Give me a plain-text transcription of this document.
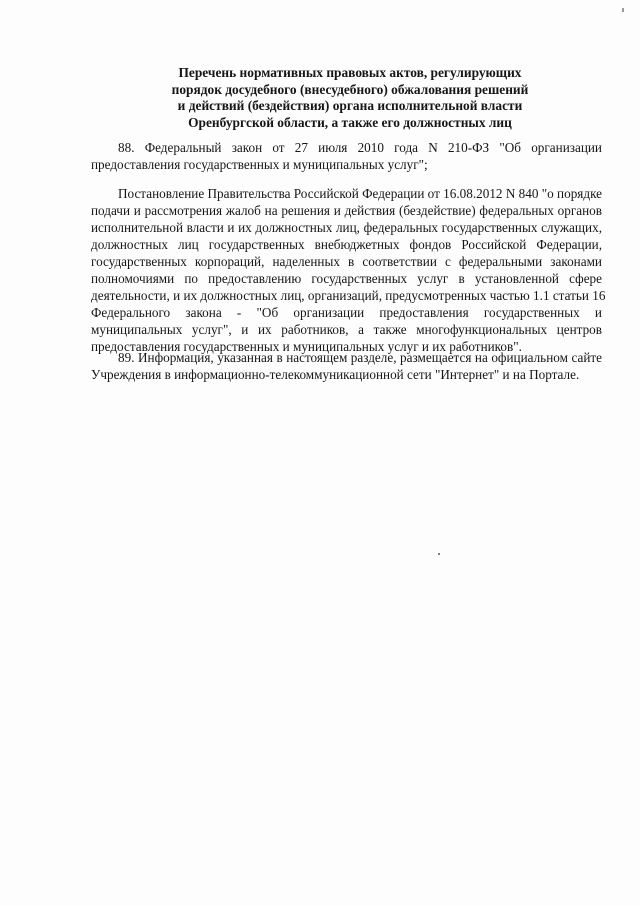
Перечень нормативных правовых актов, регулирующих
порядок досудебного (внесудебного) обжалования решений
и действий (бездействия) органа исполнительной власти
Оренбургской области, а также его должностных лиц
88. Федеральный закон от 27 июля 2010 года N 210-ФЗ "Об организации
предоставления государственных и муниципальных услуг";
Постановление Правительства Российской Федерации от 16.08.2012 N 840 "о порядке
подачи и рассмотрения жалоб на решения и действия (бездействие) федеральных органов
исполнительной власти и их должностных лиц, федеральных государственных служащих,
должностных лиц государственных внебюджетных фондов Российской Федерации,
государственных корпораций, наделенных в соответствии с федеральными законами
полномочиями по предоставлению государственных услуг в установленной сфере
деятельности, и их должностных лиц, организаций, предусмотренных частью 1.1 статьи 16
Федерального закона - "Об организации предоставления государственных и
муниципальных услуг", и их работников, а также многофункциональных центров
предоставления государственных и муниципальных услуг и их работников".
89. Информация, указанная в настоящем разделе, размещается на официальном сайте
Учреждения в информационно-телекоммуникационной сети "Интернет" и на Портале.
